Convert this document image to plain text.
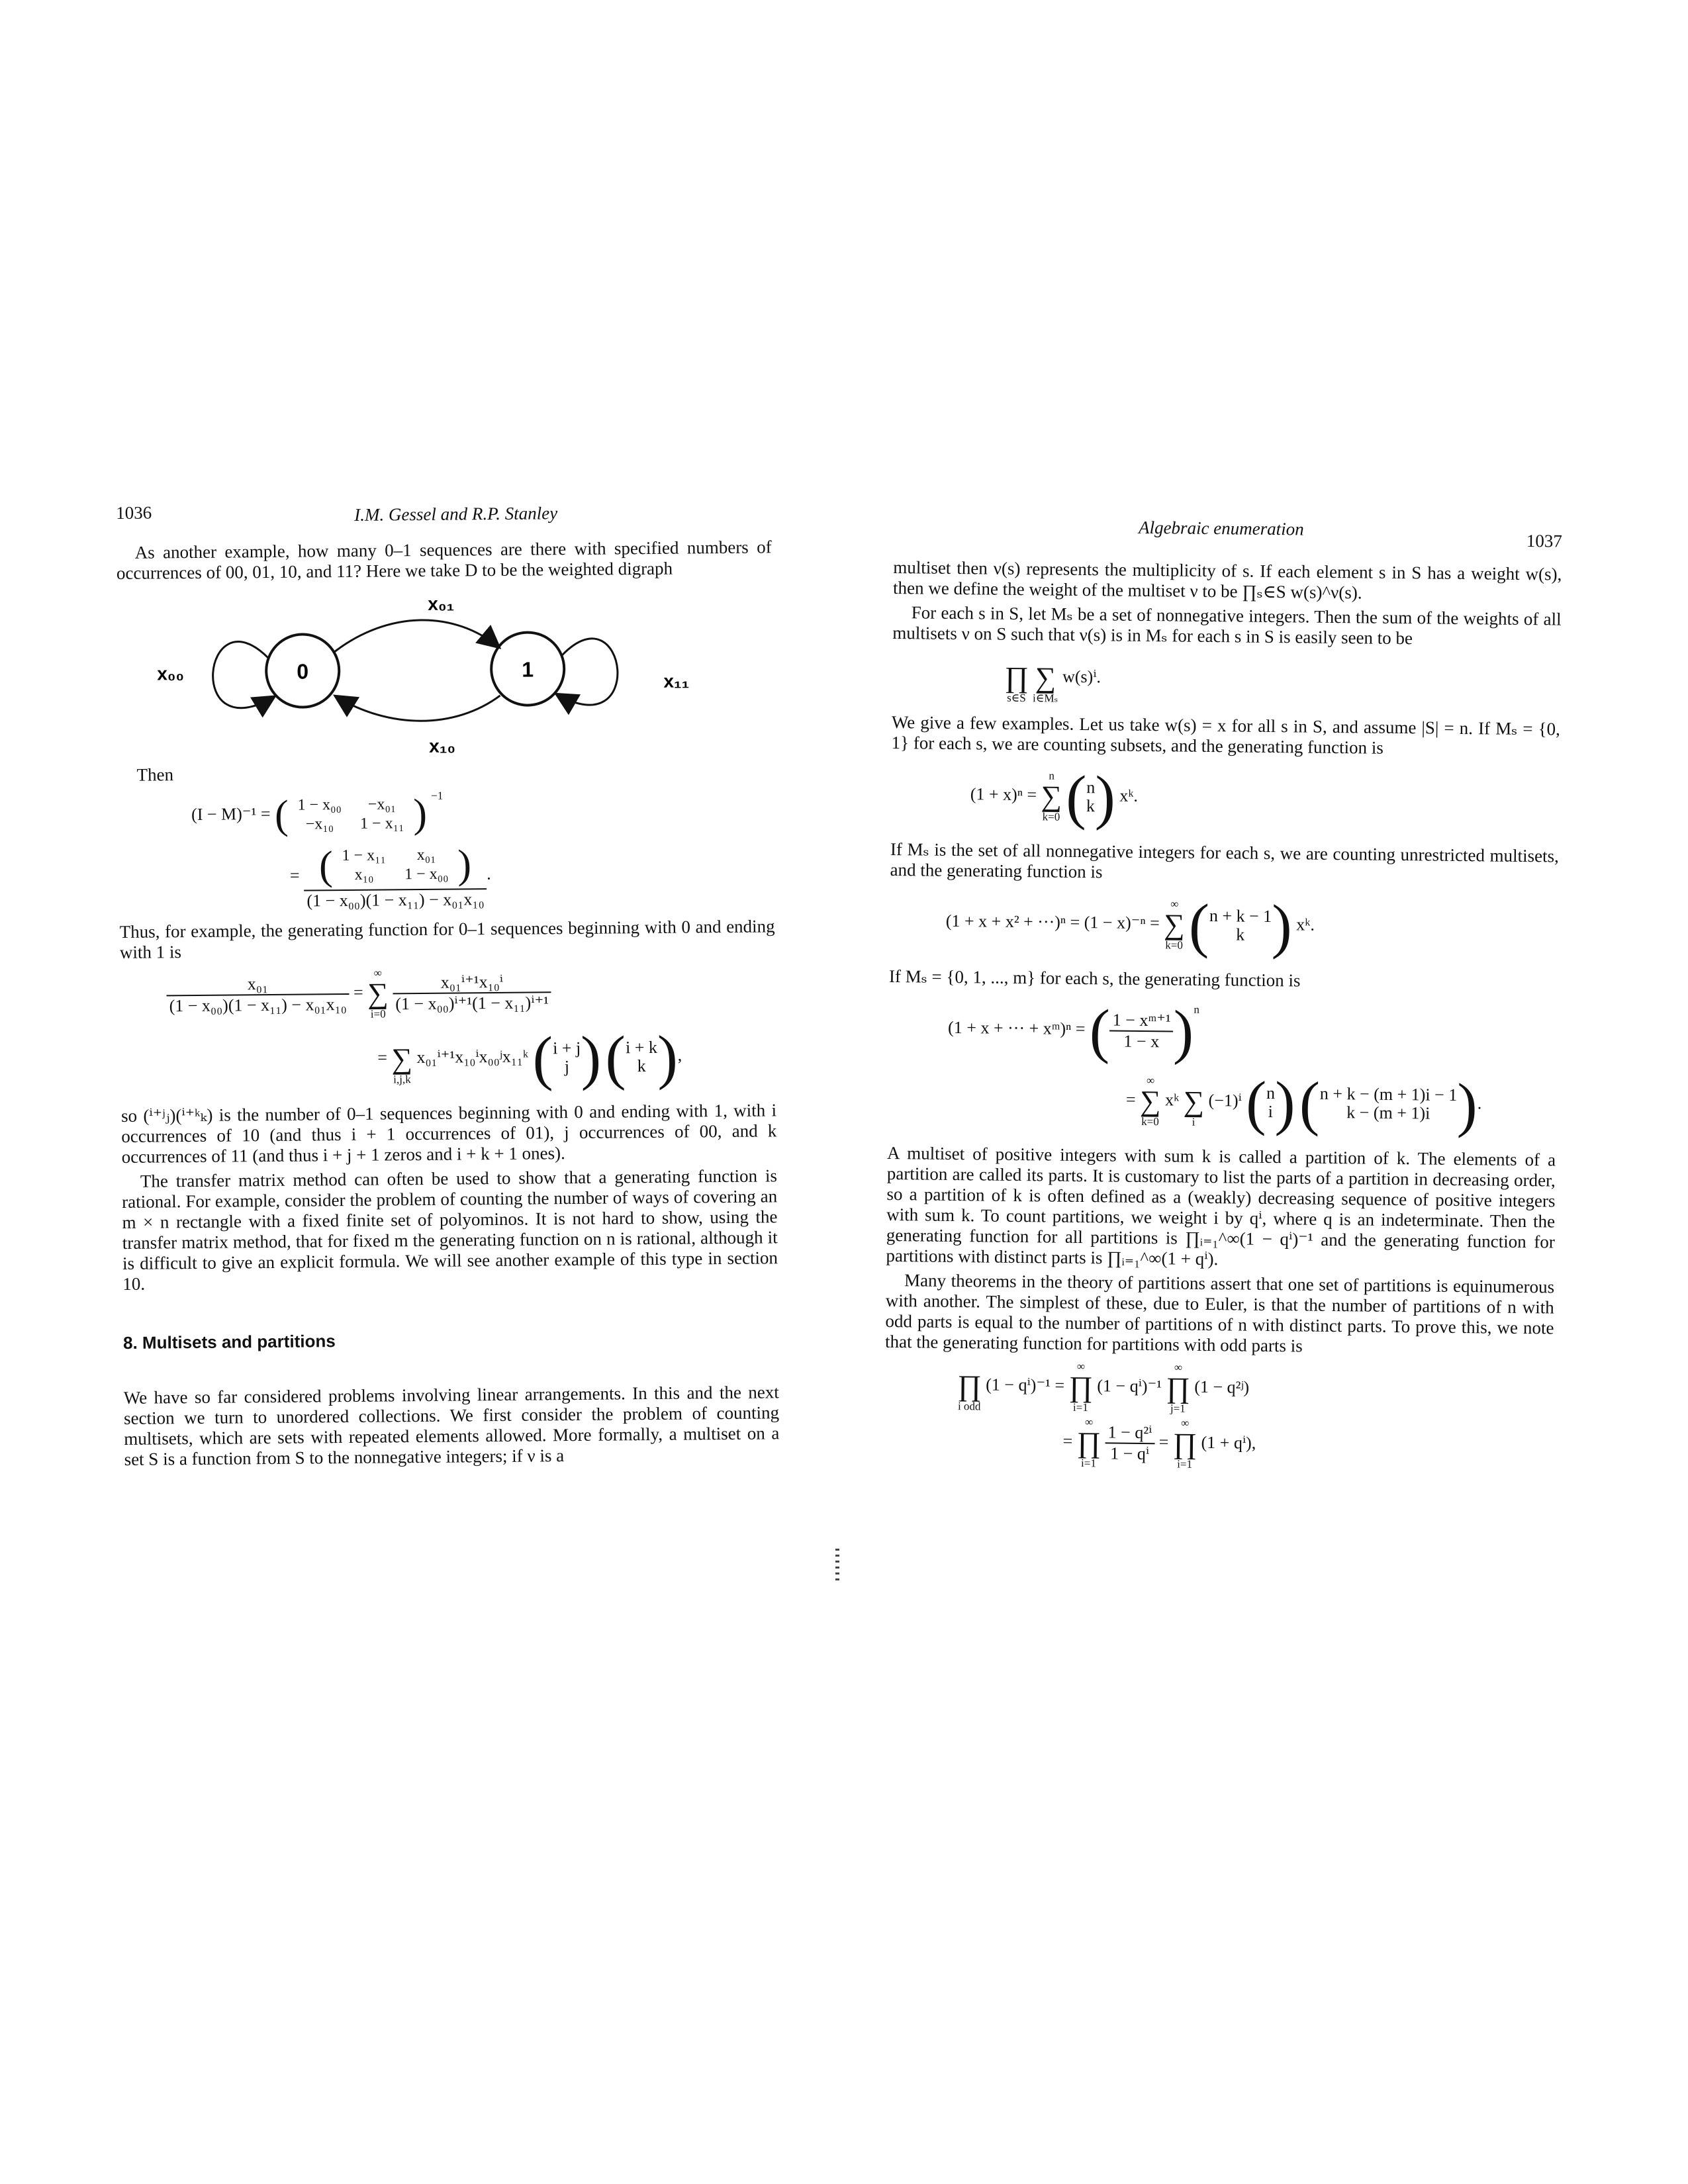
1036	I.M. Gessel and R.P. Stanley

As another example, how many 0–1 sequences are there with specified numbers of occurrences of 00, 01, 10, and 11? Here we take D to be the weighted digraph

0	1
x₀₀
x₀₁
x₁₀
x₁₁

Then

(I − M)⁻¹ = ( 1 − x₀₀	−x₀₁
−x₁₀	1 − x₁₁ ) $^{-1}$
= ( 1 − x₁₁	x₀₁
x₁₀	1 − x₀₀ )
(1 − x₀₀)(1 − x₁₁) − x₀₁x₁₀ .

Thus, for example, the generating function for 0–1 sequences beginning with 0 and ending with 1 is

$\frac{\text{x₀₁}}{\text{(1 − x₀₀)(1 − x₁₁) − x₀₁x₁₀}}$ =
∞
∑
i=0
$\frac{\text{x₀₁ⁱ⁺¹x₁₀ⁱ}}{\text{(1 − x₀₀)ⁱ⁺¹(1 − x₁₁)ⁱ⁺¹}}$
=
∑
i,j,k
x₀₁ⁱ⁺¹x₁₀ⁱx₀₀ʲx₁₁ᵏ ( i + j
j ) ( i + k
k ),

so (ⁱ⁺ʲⱼ)(ⁱ⁺ᵏₖ) is the number of 0–1 sequences beginning with 0 and ending with 1, with i occurrences of 10 (and thus i + 1 occurrences of 01), j occurrences of 00, and k occurrences of 11 (and thus i + j + 1 zeros and i + k + 1 ones).

The transfer matrix method can often be used to show that a generating function is rational. For example, consider the problem of counting the number of ways of covering an m × n rectangle with a fixed finite set of polyominos. It is not hard to show, using the transfer matrix method, that for fixed m the generating function on n is rational, although it is difficult to give an explicit formula. We will see another example of this type in section 10.

8. Multisets and partitions

We have so far considered problems involving linear arrangements. In this and the next section we turn to unordered collections. We first consider the problem of counting multisets, which are sets with repeated elements allowed. More formally, a multiset on a set S is a function from S to the nonnegative integers; if ν is a

Algebraic enumeration
1037

multiset then ν(s) represents the multiplicity of s. If each element s in S has a weight w(s), then we define the weight of the multiset ν to be ∏ₛ∈S w(s)^ν(s).

For each s in S, let Mₛ be a set of nonnegative integers. Then the sum of the weights of all multisets ν on S such that ν(s) is in Mₛ for each s in S is easily seen to be

∏
s∈S

∑
i∈Mₛ
w(s)ⁱ.

We give a few examples. Let us take w(s) = x for all s in S, and assume |S| = n. If Mₛ = {0, 1} for each s, we are counting subsets, and the generating function is

(1 + x)ⁿ =
n
∑
k=0 ( n
k ) xᵏ.

If Mₛ is the set of all nonnegative integers for each s, we are counting unrestricted multisets, and the generating function is

(1 + x + x² + ···)ⁿ = (1 − x)⁻ⁿ =
∞
∑
k=0 ( n + k − 1
k ) xᵏ.

If Mₛ = {0, 1, ..., m} for each s, the generating function is

(1 + x + ··· + xᵐ)ⁿ = ( $\frac{\text{1 − xᵐ⁺¹}}{1 - x} )^n$
=
∞
∑
k=0
xᵏ
∑
i
(−1)ⁱ ( n
i ) ( n + k − (m + 1)i − 1
k − (m + 1)i ).

A multiset of positive integers with sum k is called a partition of k. The elements of a partition are called its parts. It is customary to list the parts of a partition in decreasing order, so a partition of k is often defined as a (weakly) decreasing sequence of positive integers with sum k. To count partitions, we weight i by qⁱ, where q is an indeterminate. Then the generating function for all partitions is ∏ᵢ₌₁^∞(1 − qⁱ)⁻¹ and the generating function for partitions with distinct parts is ∏ᵢ₌₁^∞(1 + qⁱ).

Many theorems in the theory of partitions assert that one set of partitions is equinumerous with another. The simplest of these, due to Euler, is that the number of partitions of n with odd parts is equal to the number of partitions of n with distinct parts. To prove this, we note that the generating function for partitions with odd parts is

∏
i odd
(1 − qⁱ)⁻¹ =
∞
∏
i=1
(1 − qⁱ)⁻¹
∞
∏
j=1
(1 − q²ʲ)
=
∞
∏
i=1
$\frac{\text{1 − q²ⁱ}}{\text{1 − qⁱ}}$ =
∞
∏
i=1
(1 + qⁱ),
